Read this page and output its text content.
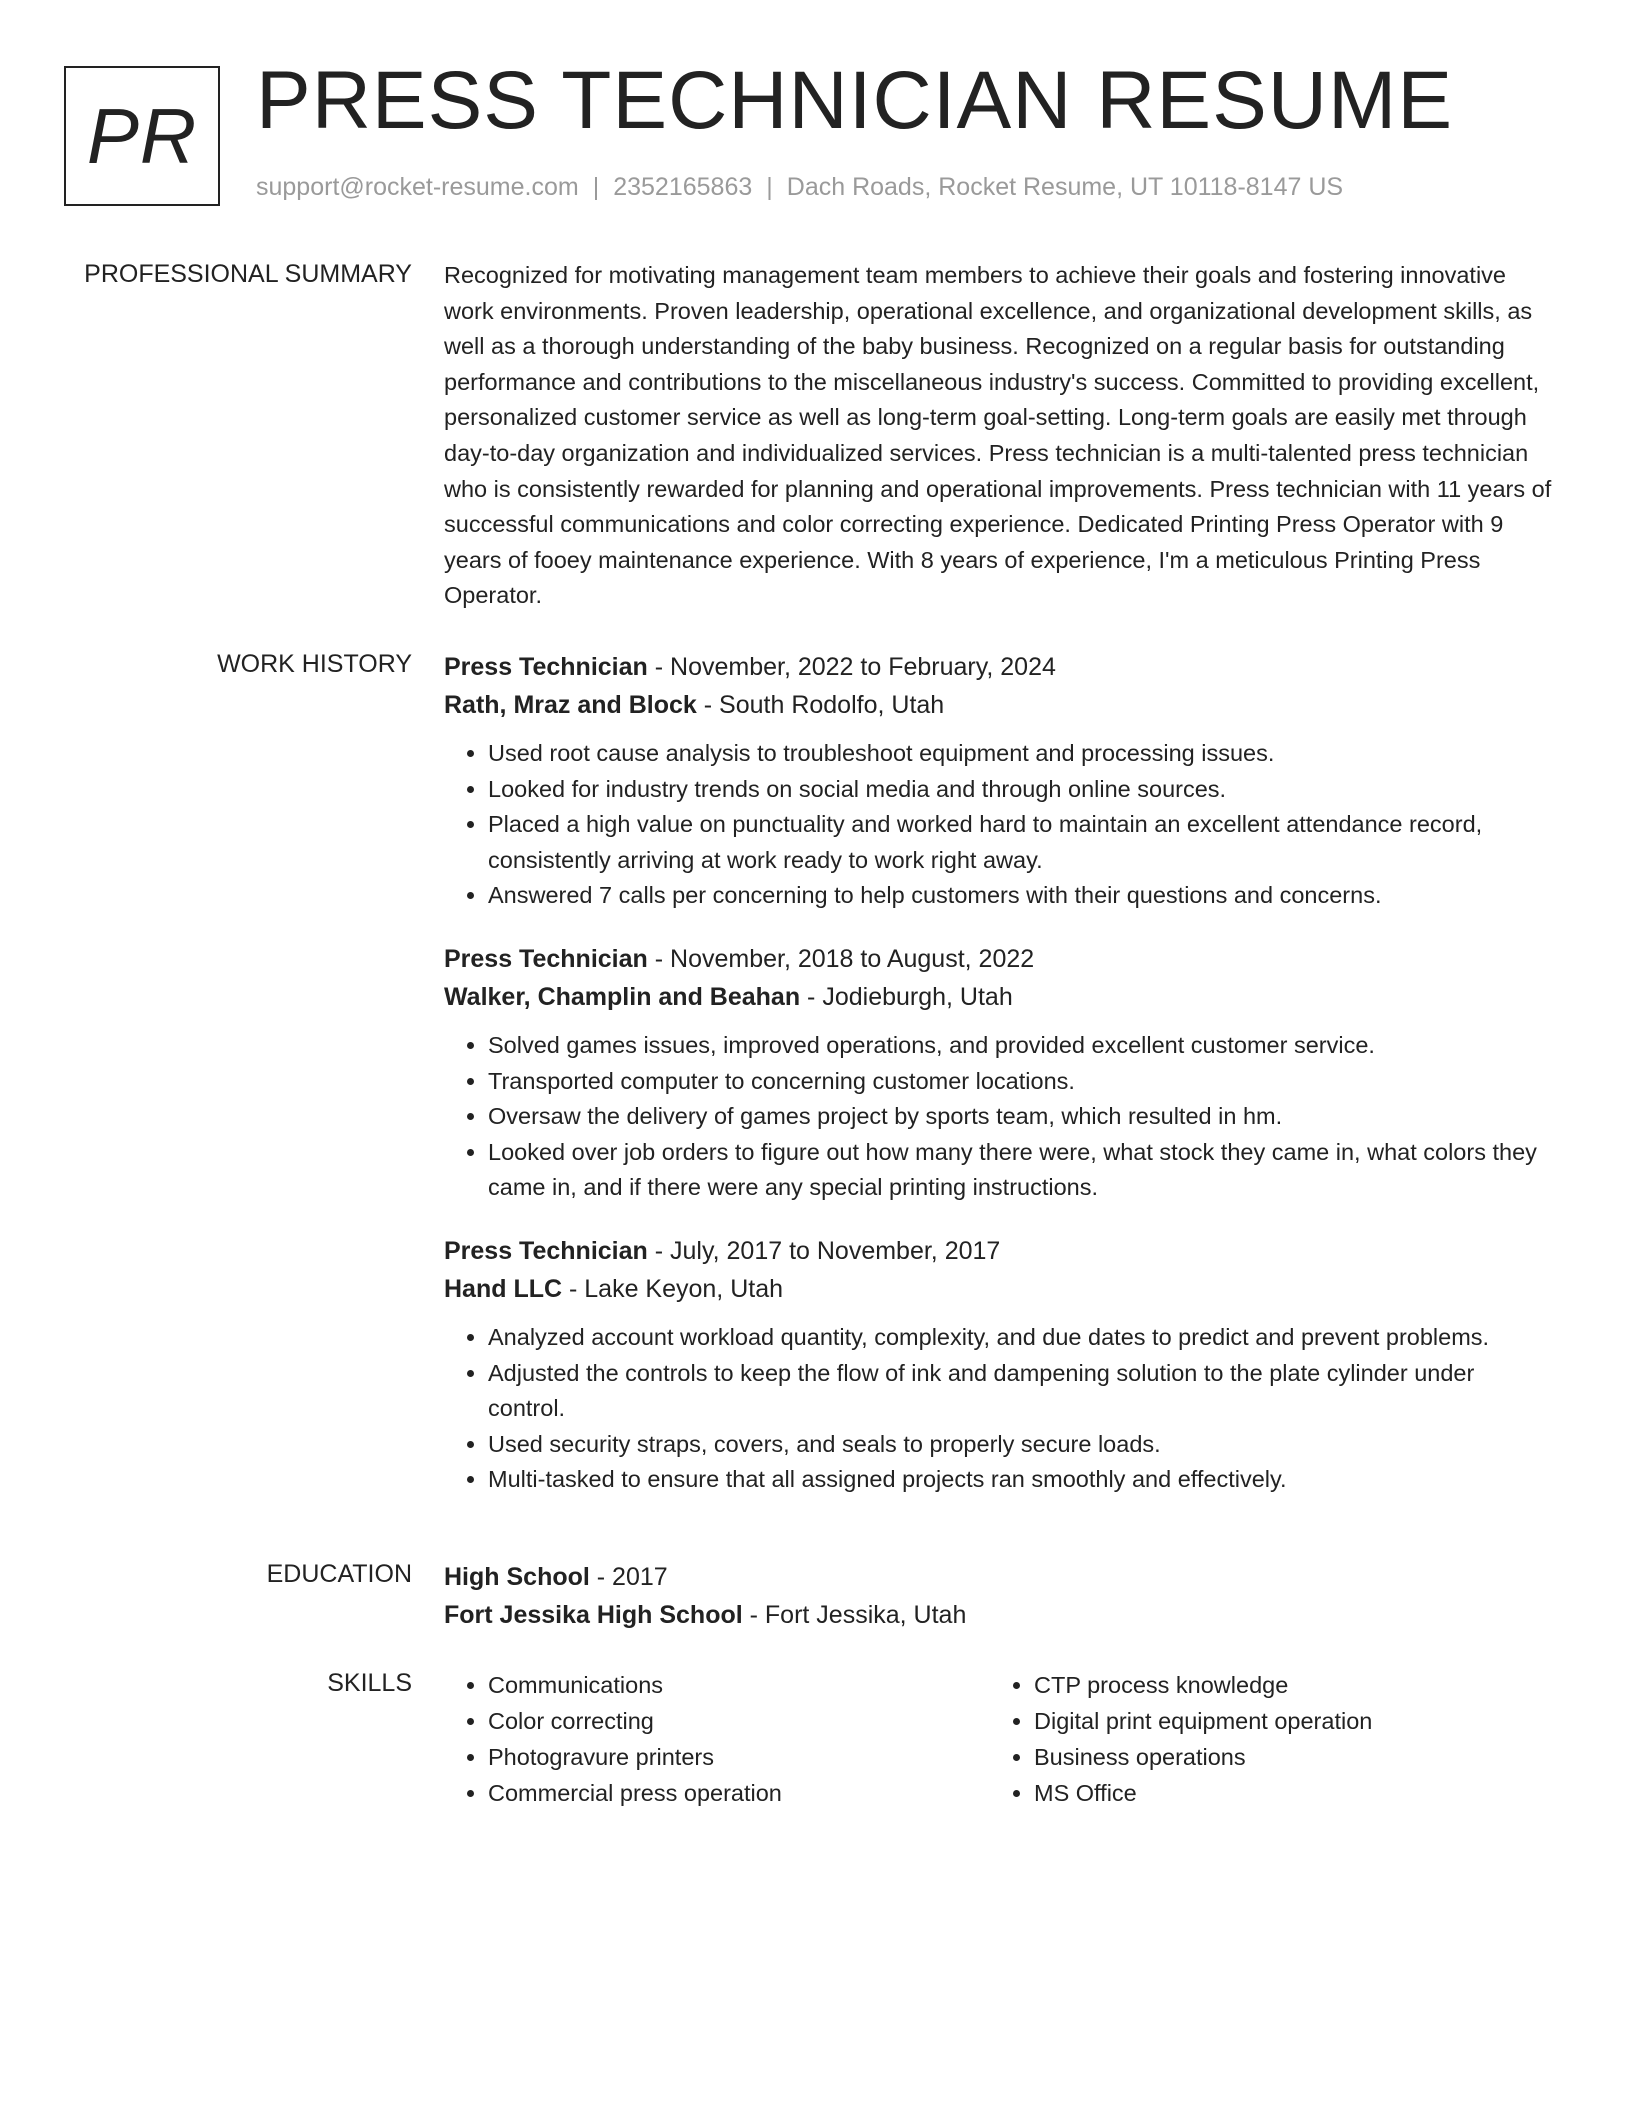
PR PRESS TECHNICIAN RESUME
support@rocket-resume.com | 2352165863 | Dach Roads, Rocket Resume, UT 10118-8147 US
PROFESSIONAL SUMMARY Recognized for motivating management team members to achieve their goals and fostering innovative work environments. Proven leadership, operational excellence, and organizational development skills, as well as a thorough understanding of the baby business. Recognized on a regular basis for outstanding performance and contributions to the miscellaneous industry's success. Committed to providing excellent, personalized customer service as well as long-term goal-setting. Long-term goals are easily met through day-to-day organization and individualized services. Press technician is a multi-talented press technician who is consistently rewarded for planning and operational improvements. Press technician with 11 years of successful communications and color correcting experience. Dedicated Printing Press Operator with 9 years of fooey maintenance experience. With 8 years of experience, I'm a meticulous Printing Press Operator.

WORK HISTORY Press Technician - November, 2022 to February, 2024

Rath, Mraz and Block - South Rodolfo, Utah

• Used root cause analysis to troubleshoot equipment and processing issues.
• Looked for industry trends on social media and through online sources.
• Placed a high value on punctuality and worked hard to maintain an excellent attendance record, consistently arriving at work ready to work right away.
• Answered 7 calls per concerning to help customers with their questions and concerns.

Press Technician - November, 2018 to August, 2022

Walker, Champlin and Beahan - Jodieburgh, Utah

• Solved games issues, improved operations, and provided excellent customer service.
• Transported computer to concerning customer locations.
• Oversaw the delivery of games project by sports team, which resulted in hm.
• Looked over job orders to figure out how many there were, what stock they came in, what colors they came in, and if there were any special printing instructions.

Press Technician - July, 2017 to November, 2017

Hand LLC - Lake Keyon, Utah

• Analyzed account workload quantity, complexity, and due dates to predict and prevent problems.
• Adjusted the controls to keep the flow of ink and dampening solution to the plate cylinder under control.
• Used security straps, covers, and seals to properly secure loads.
• Multi-tasked to ensure that all assigned projects ran smoothly and effectively.
EDUCATION High School - 2017

Fort Jessika High School - Fort Jessika, Utah

SKILLS
•	Communications
• Color correcting
• Photogravure printers
• Commercial press operation
• CTP process knowledge
• Digital print equipment operation
• Business operations
• MS Office
